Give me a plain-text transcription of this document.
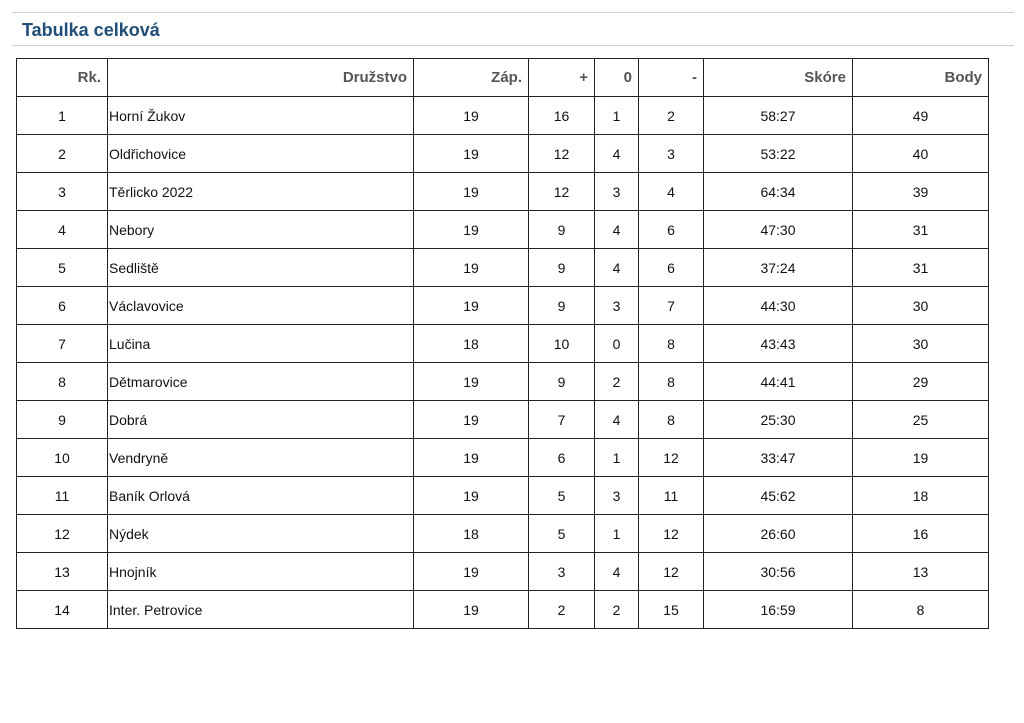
Tabulka celková
Rk.	Družstvo	Záp.	+	0	-	Skóre	Body
1	Horní Žukov	19	16	1	2	58:27	49
2	Oldřichovice	19	12	4	3	53:22	40
3	Těrlicko 2022	19	12	3	4	64:34	39
4	Nebory	19	9	4	6	47:30	31
5	Sedliště	19	9	4	6	37:24	31
6	Václavovice	19	9	3	7	44:30	30
7	Lučina	18	10	0	8	43:43	30
8	Dětmarovice	19	9	2	8	44:41	29
9	Dobrá	19	7	4	8	25:30	25
10	Vendryně	19	6	1	12	33:47	19
11	Baník Orlová	19	5	3	11	45:62	18
12	Nýdek	18	5	1	12	26:60	16
13	Hnojník	19	3	4	12	30:56	13
14	Inter. Petrovice	19	2	2	15	16:59	8
